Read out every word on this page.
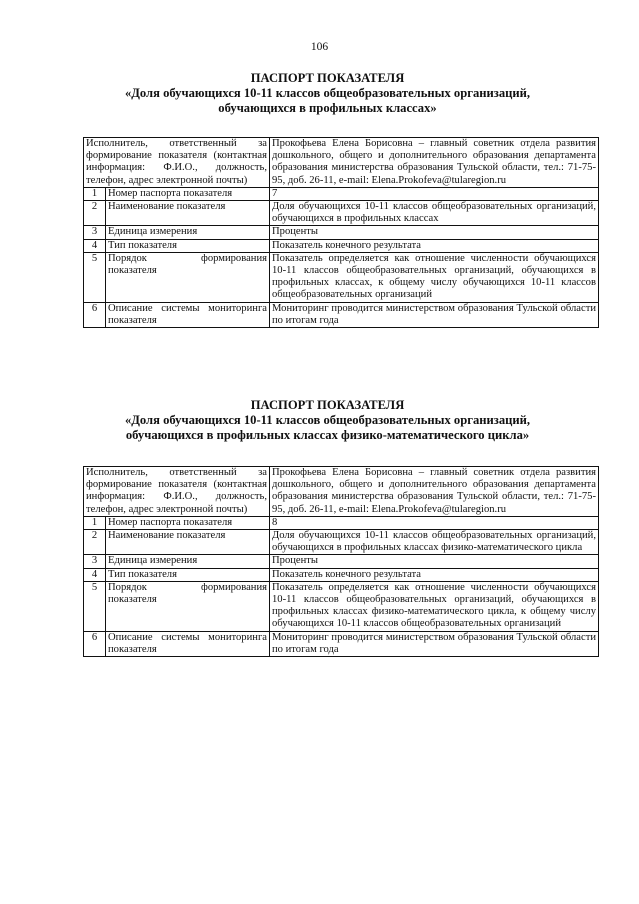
106
ПАСПОРТ ПОКАЗАТЕЛЯ
«Доля обучающихся 10-11 классов общеобразовательных организаций,
обучающихся в профильных классах»
Исполнитель, ответственный за формирование показателя (контактная информация: Ф.И.О., должность, телефон, адрес электронной почты)		Прокофьева Елена Борисовна – главный советник отдела развития дошкольного, общего и дополнительного образования департамента образования министерства образования Тульской области, тел.: 71-75-95, доб. 26-11, e-mail: Elena.Prokofeva@tularegion.ru
1	Номер паспорта показателя	7
2	Наименование показателя	Доля обучающихся 10-11 классов общеобразовательных организаций, обучающихся в профильных классах
3	Единица измерения	Проценты
4	Тип показателя	Показатель конечного результата
5	Порядок формирования показателя	Показатель определяется как отношение численности обучающихся 10-11 классов общеобразовательных организаций, обучающихся в профильных классах, к общему числу обучающихся 10-11 классов общеобразовательных организаций
6	Описание системы мониторинга показателя	Мониторинг проводится министерством образования Тульской области по итогам года
ПАСПОРТ ПОКАЗАТЕЛЯ
«Доля обучающихся 10-11 классов общеобразовательных организаций,
обучающихся в профильных классах физико-математического цикла»
Исполнитель, ответственный за формирование показателя (контактная информация: Ф.И.О., должность, телефон, адрес электронной почты)		Прокофьева Елена Борисовна – главный советник отдела развития дошкольного, общего и дополнительного образования департамента образования министерства образования Тульской области, тел.: 71-75-95, доб. 26-11, e-mail: Elena.Prokofeva@tularegion.ru
1	Номер паспорта показателя	8
2	Наименование показателя	Доля обучающихся 10-11 классов общеобразовательных организаций, обучающихся в профильных классах физико-математического цикла
3	Единица измерения	Проценты
4	Тип показателя	Показатель конечного результата
5	Порядок формирования показателя	Показатель определяется как отношение численности обучающихся 10-11 классов общеобразовательных организаций, обучающихся в профильных классах физико-математического цикла, к общему числу обучающихся 10-11 классов общеобразовательных организаций
6	Описание системы мониторинга показателя	Мониторинг проводится министерством образования Тульской области по итогам года
